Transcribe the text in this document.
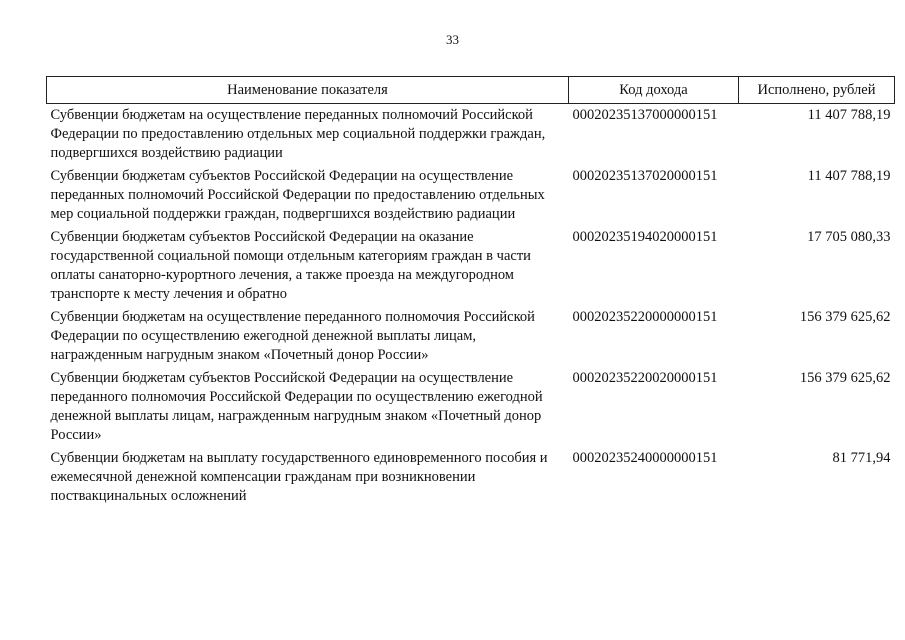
33
Наименование показателя	Код дохода	Исполнено, рублей
Субвенции бюджетам на осуществление переданных полномочий Российской Федерации по предоставлению отдельных мер социальной поддержки граждан, подвергшихся воздействию радиации	00020235137000000151	11 407 788,19
Субвенции бюджетам субъектов Российской Федерации на осуществление переданных полномочий Российской Федерации по предоставлению отдельных мер социальной поддержки граждан, подвергшихся воздействию радиации	00020235137020000151	11 407 788,19
Субвенции бюджетам субъектов Российской Федерации на оказание государственной социальной помощи отдельным категориям граждан в части оплаты санаторно-курортного лечения, а также проезда на междугородном транспорте к месту лечения и обратно	00020235194020000151	17 705 080,33
Субвенции бюджетам на осуществление переданного полномочия Российской Федерации по осуществлению ежегодной денежной выплаты лицам, награжденным нагрудным знаком «Почетный донор России»	00020235220000000151	156 379 625,62
Субвенции бюджетам субъектов Российской Федерации на осуществление переданного полномочия Российской Федерации по осуществлению ежегодной денежной выплаты лицам, награжденным нагрудным знаком «Почетный донор России»	00020235220020000151	156 379 625,62
Субвенции бюджетам на выплату государственного единовременного пособия и ежемесячной денежной компенсации гражданам при возникновении поствакцинальных осложнений	00020235240000000151	81 771,94
